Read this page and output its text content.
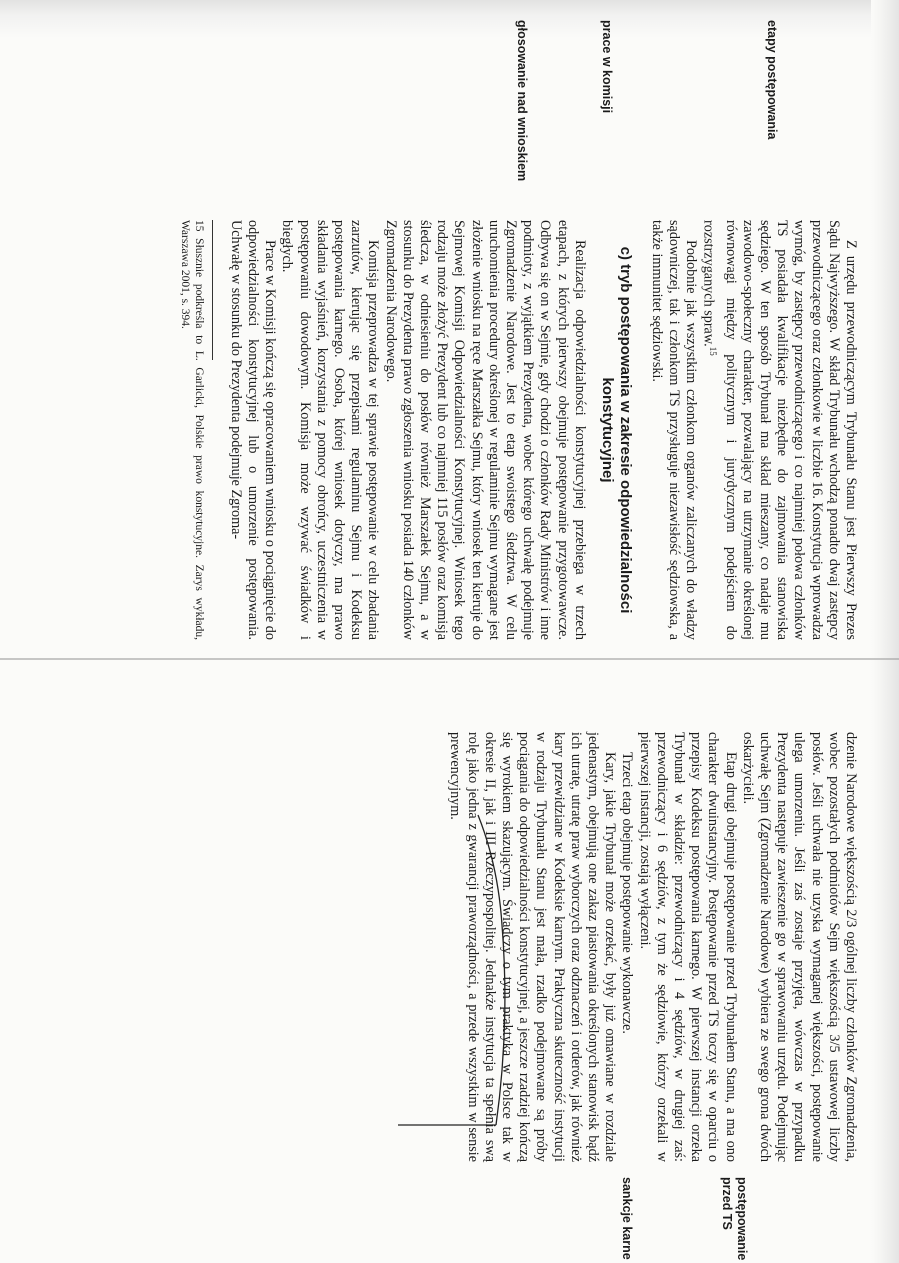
etapy postępowania
prace w komisji
głosowanie nad wnioskiem

Z urzędu przewodniczącym Trybunału Stanu jest Pierwszy Prezes Sądu Najwyższego. W skład Trybunału wchodzą ponadto dwaj zastępcy przewodniczącego oraz członkowie w liczbie 16. Konstytucja wprowadza wymóg, by zastępcy przewodniczącego i co najmniej połowa członków TS posiadała kwalifikacje niezbędne do zajmowania stanowiska sędziego. W ten sposób Trybunał ma skład mieszany, co nadaje mu zawodowo-społeczny charakter, pozwalający na utrzymanie określonej równowagi między politycznym i jurydycznym podejściem do rozstrzyganych spraw.$^{15}$

Podobnie jak wszystkim członkom organów zaliczanych do władzy sądowniczej, tak i członkom TS przysługuje niezawisłość sędziowska, a także immunitet sędziowski.

c) tryb postępowania w zakresie odpowiedzialności konstytucyjnej

Realizacja odpowiedzialności konstytucyjnej przebiega w trzech etapach, z których pierwszy obejmuje postępowanie przygotowawcze. Odbywa się on w Sejmie, gdy chodzi o członków Rady Ministrów i inne podmioty, z wyjątkiem Prezydenta, wobec którego uchwałę podejmuje Zgromadzenie Narodowe. Jest to etap swoistego śledztwa. W celu uruchomienia procedury określonej w regulaminie Sejmu wymagane jest złożenie wniosku na ręce Marszałka Sejmu, który wniosek ten kieruje do Sejmowej Komisji Odpowiedzialności Konstytucyjnej. Wniosek tego rodzaju może złożyć Prezydent lub co najmniej 115 posłów oraz komisja śledcza, w odniesieniu do posłów również Marszałek Sejmu, a w stosunku do Prezydenta prawo zgłoszenia wniosku posiada 140 członków Zgromadzenia Narodowego.

Komisja przeprowadza w tej sprawie postępowanie w celu zbadania zarzutów, kierując się przepisami regulaminu Sejmu i Kodeksu postępowania karnego. Osoba, której wniosek dotyczy, ma prawo składania wyjaśnień, korzystania z pomocy obrońcy, uczestniczenia w postępowaniu dowodowym. Komisja może wzywać świadków i biegłych.

Prace w Komisji kończą się opracowaniem wniosku o pociągnięcie do odpowiedzialności konstytucyjnej lub o umorzenie postępowania. Uchwałę w stosunku do Prezydenta podejmuje Zgroma-

15 Słusznie podkreśla to L. Garlicki, Polskie prawo konstytucyjne. Zarys wykładu, Warszawa 2001, s. 394.

dzenie Narodowe większością 2/3 ogólnej liczby członków Zgromadzenia, wobec pozostałych podmiotów Sejm większością 3/5 ustawowej liczby posłów. Jeśli uchwała nie uzyska wymaganej większości, postępowanie ulega umorzeniu. Jeśli zaś zostaje przyjęta, wówczas w przypadku Prezydenta następuje zawieszenie go w sprawowaniu urzędu. Podejmując uchwałę Sejm (Zgromadzenie Narodowe) wybiera ze swego grona dwóch oskarżycieli.

Etap drugi obejmuje postępowanie przed Trybunałem Stanu, a ma ono charakter dwuinstancyjny. Postępowanie przed TS toczy się w oparciu o przepisy Kodeksu postępowania karnego. W pierwszej instancji orzeka Trybunał w składzie: przewodniczący i 4 sędziów, w drugiej zaś: przewodniczący i 6 sędziów, z tym że sędziowie, którzy orzekali w pierwszej instancji, zostają wyłączeni.

Trzeci etap obejmuje postępowanie wykonawcze.

Kary, jakie Trybunał może orzekać, były już omawiane w rozdziale jedenastym, obejmują one zakaz piastowania określonych stanowisk bądź ich utratę, utratę praw wyborczych oraz odznaczeń i orderów, jak również kary przewidziane w Kodeksie karnym. Praktyczna skuteczność instytucji w rodzaju Trybunału Stanu jest mała, rzadko podejmowane są próby pociągania do odpowiedzialności konstytucyjnej, a jeszcze rzadziej kończą się wyrokiem skazującym. Świadczy o tym praktyka w Polsce tak w okresie II, jak i III Rzeczypospolitej. Jednakże instytucja ta spełnia swą rolę jako jedna z gwarancji praworządności, a przede wszystkim w sensie prewencyjnym.

postępowanie przed TS
sankcje karne
